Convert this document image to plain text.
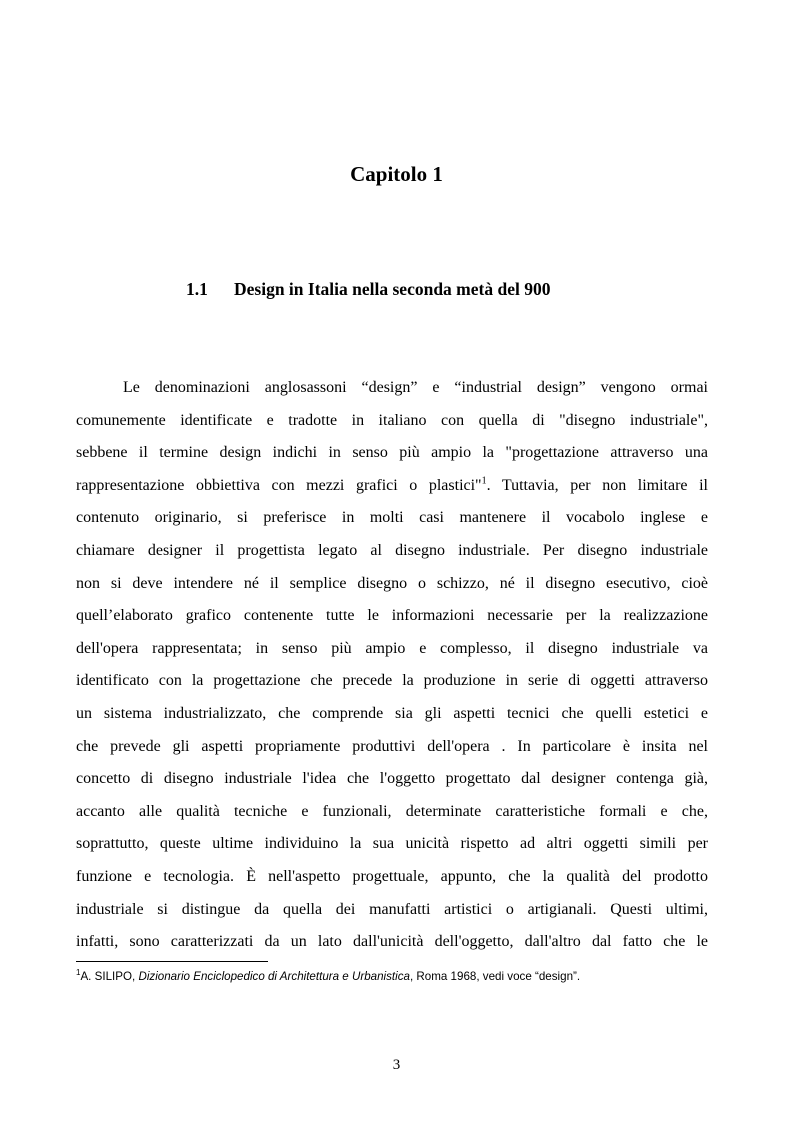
Capitolo 1
1.1 Design in Italia nella seconda metà del 900
Le denominazioni anglosassoni “design” e “industrial design” vengono ormai
comunemente identificate e tradotte in italiano con quella di "disegno industriale",
sebbene il termine design indichi in senso più ampio la "progettazione attraverso una
rappresentazione obbiettiva con mezzi grafici o plastici"$^1$. Tuttavia, per non limitare il
contenuto originario, si preferisce in molti casi mantenere il vocabolo inglese e
chiamare designer il progettista legato al disegno industriale. Per disegno industriale
non si deve intendere né il semplice disegno o schizzo, né il disegno esecutivo, cioè
quell’elaborato grafico contenente tutte le informazioni necessarie per la realizzazione
dell'opera rappresentata; in senso più ampio e complesso, il disegno industriale va
identificato con la progettazione che precede la produzione in serie di oggetti attraverso
un sistema industrializzato, che comprende sia gli aspetti tecnici che quelli estetici e
che prevede gli aspetti propriamente produttivi dell'opera . In particolare è insita nel
concetto di disegno industriale l'idea che l'oggetto progettato dal designer contenga già,
accanto alle qualità tecniche e funzionali, determinate caratteristiche formali e che,
soprattutto, queste ultime individuino la sua unicità rispetto ad altri oggetti simili per
funzione e tecnologia. È nell'aspetto progettuale, appunto, che la qualità del prodotto
industriale si distingue da quella dei manufatti artistici o artigianali. Questi ultimi,
infatti, sono caratterizzati da un lato dall'unicità dell'oggetto, dall'altro dal fatto che le

$^1$A. SILIPO, Dizionario Enciclopedico di Architettura e Urbanistica, Roma 1968, vedi voce “design”.

3
